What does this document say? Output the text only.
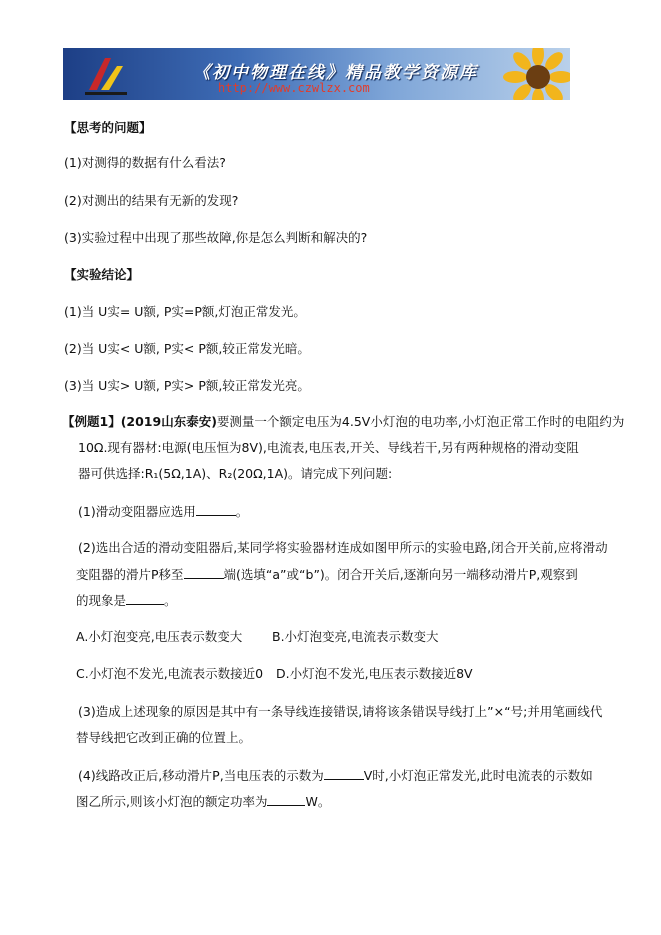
《初中物理在线》精品教学资源库
http://www.czwlzx.com
【思考的问题】
(1)对测得的数据有什么看法?
(2)对测出的结果有无新的发现?
(3)实验过程中出现了那些故障,你是怎么判断和解决的?
【实验结论】
(1)当 U实= U额, P实=P额,灯泡正常发光。
(2)当 U实< U额, P实< P额,较正常发光暗。
(3)当 U实> U额, P实> P额,较正常发光亮。
【例题1】(2019山东泰安)要测量一个额定电压为4.5V小灯泡的电功率,小灯泡正常工作时的电阻约为
10Ω.现有器材:电源(电压恒为8V),电流表,电压表,开关、导线若干,另有两种规格的滑动变阻
器可供选择:R₁(5Ω,1A)、R₂(20Ω,1A)。请完成下列问题:
(1)滑动变阻器应选用	。
(2)选出合适的滑动变阻器后,某同学将实验器材连成如图甲所示的实验电路,闭合开关前,应将滑动
变阻器的滑片P移至	端(选填“a”或“b”)。闭合开关后,逐渐向另一端移动滑片P,观察到
的现象是	。
A.小灯泡变亮,电压表示数变大 B.小灯泡变亮,电流表示数变大
C.小灯泡不发光,电流表示数接近0 D.小灯泡不发光,电压表示数接近8V
(3)造成上述现象的原因是其中有一条导线连接错误,请将该条错误导线打上”×“号;并用笔画线代
替导线把它改到正确的位置上。
(4)线路改正后,移动滑片P,当电压表的示数为	V时,小灯泡正常发光,此时电流表的示数如
图乙所示,则该小灯泡的额定功率为	W。
